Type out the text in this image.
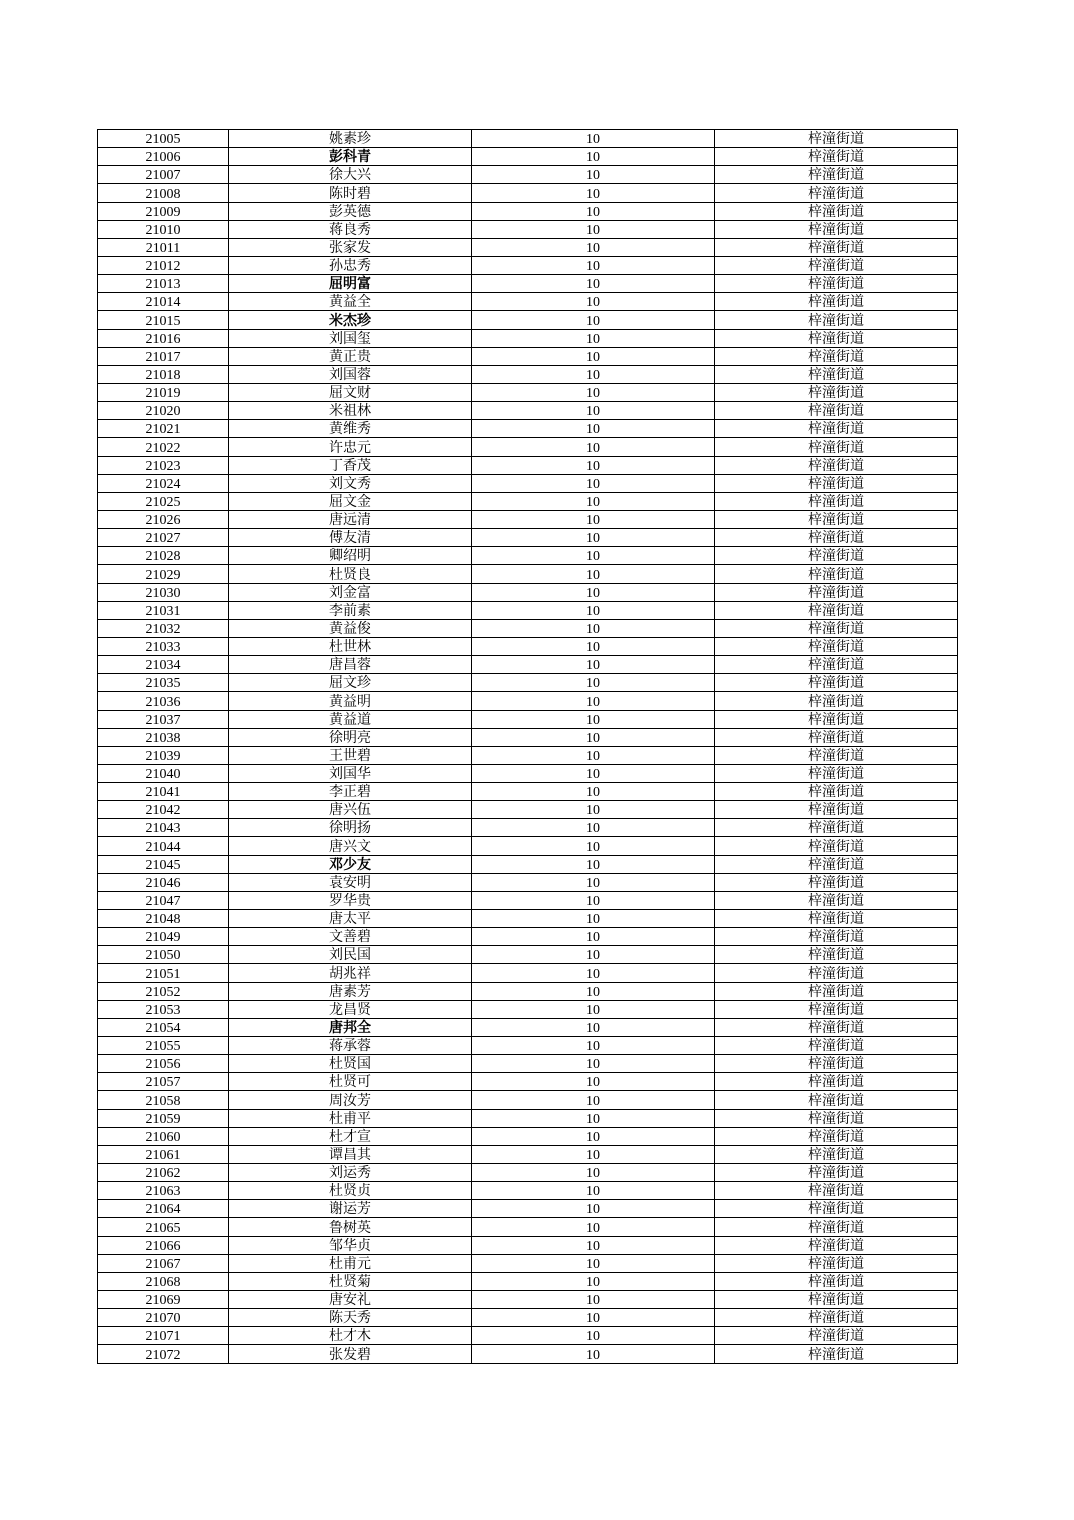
21005	姚素珍	10	梓潼街道
21006	彭科青	10	梓潼街道
21007	徐大兴	10	梓潼街道
21008	陈时碧	10	梓潼街道
21009	彭英德	10	梓潼街道
21010	蒋良秀	10	梓潼街道
21011	张家发	10	梓潼街道
21012	孙忠秀	10	梓潼街道
21013	屈明富	10	梓潼街道
21014	黄益全	10	梓潼街道
21015	米杰珍	10	梓潼街道
21016	刘国玺	10	梓潼街道
21017	黄正贵	10	梓潼街道
21018	刘国蓉	10	梓潼街道
21019	屈文财	10	梓潼街道
21020	米祖林	10	梓潼街道
21021	黄维秀	10	梓潼街道
21022	许忠元	10	梓潼街道
21023	丁香茂	10	梓潼街道
21024	刘文秀	10	梓潼街道
21025	屈文金	10	梓潼街道
21026	唐远清	10	梓潼街道
21027	傅友清	10	梓潼街道
21028	卿绍明	10	梓潼街道
21029	杜贤良	10	梓潼街道
21030	刘金富	10	梓潼街道
21031	李前素	10	梓潼街道
21032	黄益俊	10	梓潼街道
21033	杜世林	10	梓潼街道
21034	唐昌蓉	10	梓潼街道
21035	屈文珍	10	梓潼街道
21036	黄益明	10	梓潼街道
21037	黄益道	10	梓潼街道
21038	徐明亮	10	梓潼街道
21039	王世碧	10	梓潼街道
21040	刘国华	10	梓潼街道
21041	李正碧	10	梓潼街道
21042	唐兴伍	10	梓潼街道
21043	徐明扬	10	梓潼街道
21044	唐兴文	10	梓潼街道
21045	邓少友	10	梓潼街道
21046	袁安明	10	梓潼街道
21047	罗华贵	10	梓潼街道
21048	唐太平	10	梓潼街道
21049	文善碧	10	梓潼街道
21050	刘民国	10	梓潼街道
21051	胡兆祥	10	梓潼街道
21052	唐素芳	10	梓潼街道
21053	龙昌贤	10	梓潼街道
21054	唐邦全	10	梓潼街道
21055	蒋承蓉	10	梓潼街道
21056	杜贤国	10	梓潼街道
21057	杜贤可	10	梓潼街道
21058	周汝芳	10	梓潼街道
21059	杜甫平	10	梓潼街道
21060	杜才宣	10	梓潼街道
21061	谭昌其	10	梓潼街道
21062	刘运秀	10	梓潼街道
21063	杜贤贞	10	梓潼街道
21064	谢运芳	10	梓潼街道
21065	鲁树英	10	梓潼街道
21066	邹华贞	10	梓潼街道
21067	杜甫元	10	梓潼街道
21068	杜贤菊	10	梓潼街道
21069	唐安礼	10	梓潼街道
21070	陈天秀	10	梓潼街道
21071	杜才木	10	梓潼街道
21072	张发碧	10	梓潼街道
